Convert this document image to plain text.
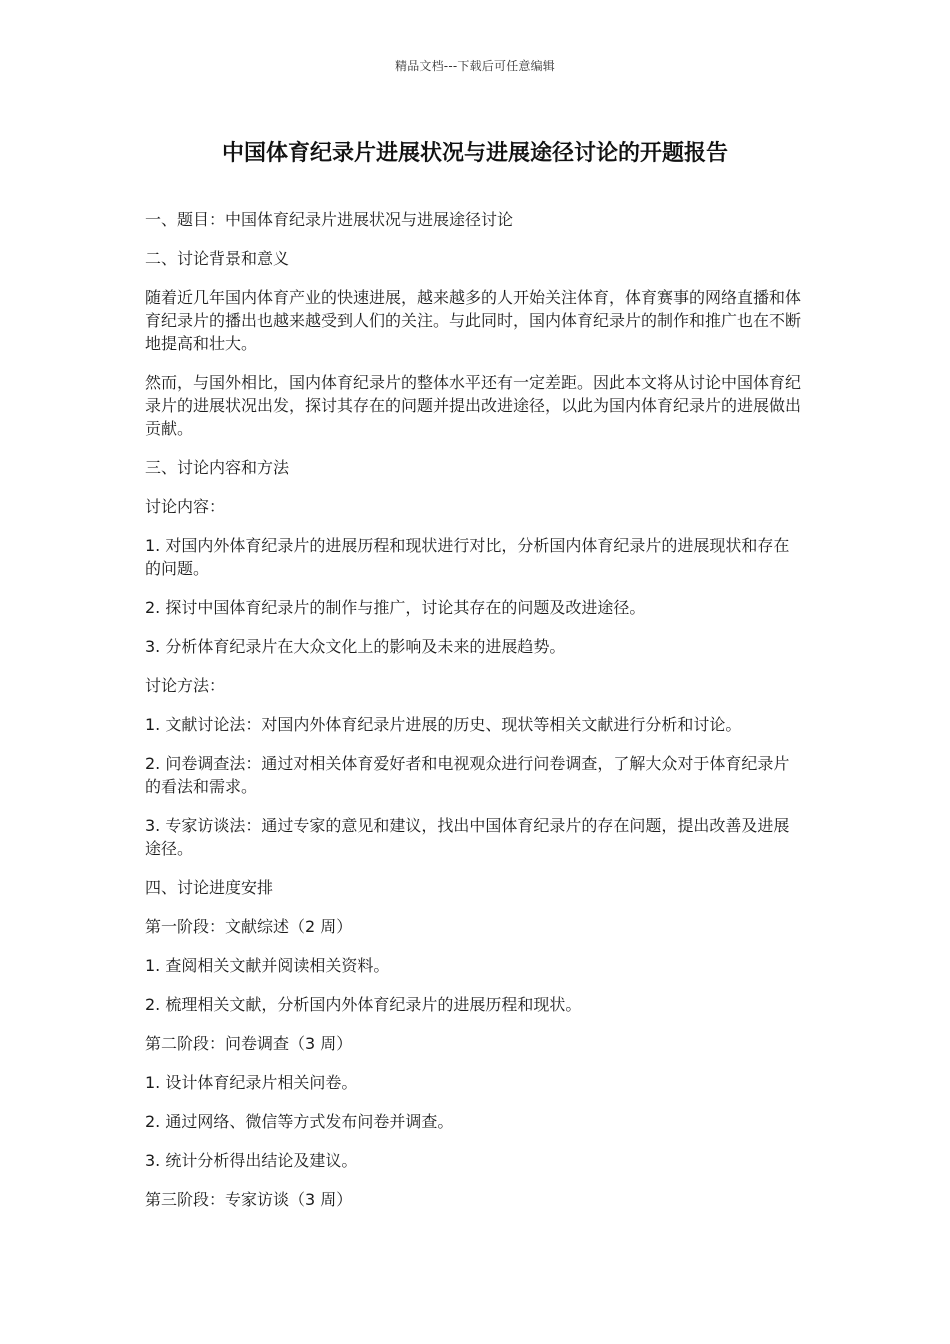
精品文档---下载后可任意编辑
中国体育纪录片进展状况与进展途径讨论的开题报告

一、题目：中国体育纪录片进展状况与进展途径讨论

二、讨论背景和意义

随着近几年国内体育产业的快速进展，越来越多的人开始关注体育，体育赛事的网络直播和体育纪录片的播出也越来越受到人们的关注。与此同时，国内体育纪录片的制作和推广也在不断地提高和壮大。

然而，与国外相比，国内体育纪录片的整体水平还有一定差距。因此本文将从讨论中国体育纪录片的进展状况出发，探讨其存在的问题并提出改进途径，以此为国内体育纪录片的进展做出贡献。

三、讨论内容和方法

讨论内容：

1. 对国内外体育纪录片的进展历程和现状进行对比，分析国内体育纪录片的进展现状和存在的问题。

2. 探讨中国体育纪录片的制作与推广，讨论其存在的问题及改进途径。

3. 分析体育纪录片在大众文化上的影响及未来的进展趋势。

讨论方法：

1. 文献讨论法：对国内外体育纪录片进展的历史、现状等相关文献进行分析和讨论。

2. 问卷调查法：通过对相关体育爱好者和电视观众进行问卷调查，了解大众对于体育纪录片的看法和需求。

3. 专家访谈法：通过专家的意见和建议，找出中国体育纪录片的存在问题，提出改善及进展途径。

四、讨论进度安排

第一阶段：文献综述（2 周）

1. 查阅相关文献并阅读相关资料。

2. 梳理相关文献，分析国内外体育纪录片的进展历程和现状。

第二阶段：问卷调查（3 周）

1. 设计体育纪录片相关问卷。

2. 通过网络、微信等方式发布问卷并调查。

3. 统计分析得出结论及建议。

第三阶段：专家访谈（3 周）
